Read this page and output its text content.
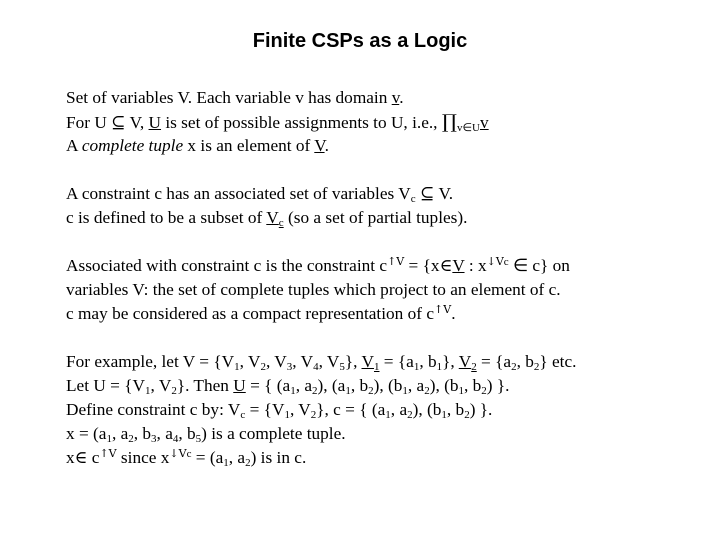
Finite CSPs as a Logic
Set of variables V. Each variable v has domain v.
For U ⊆ V, U is set of possible assignments to U, i.e., $\prod_{v\in U}v$
A complete tuple x is an element of V.
A constraint c has an associated set of variables $V_c$ ⊆ V.
c is defined to be a subset of $V_c$ (so a set of partial tuples).
Associated with constraint c is the constraint $c^{↑V}$ = {x∈V : $x^{↓Vc}$ ∈ c} on
variables V: the set of complete tuples which project to an element of c.
c may be considered as a compact representation of $c^{↑V}$.
For example, let $V = \{V_1$, $V_2$, $V_3$, $V_4$, $V_5$}, $V_1 = \{a_1$, $b_1$}, $V_2 = \{a_2$, $b_2$} etc.
Let $U = \{V_1$, $V_2$}. Then U = { ($a_1$, $a_2$), ($a_1$, $b_2$), ($b_1$, $a_2$), ($b_1$, $b_2$) }.
Define constraint c by: $V_c = \{V_1$, $V_2$}, c = { ($a_1$, $a_2$), ($b_1$, $b_2$) }.
$x = (a_1$, $a_2$, $b_3$, $a_4$, $b_5$) is a complete tuple.
x∈ $c^{↑V}$ since $x^{↓Vc} = (a_1$, $a_2$) is in c.
